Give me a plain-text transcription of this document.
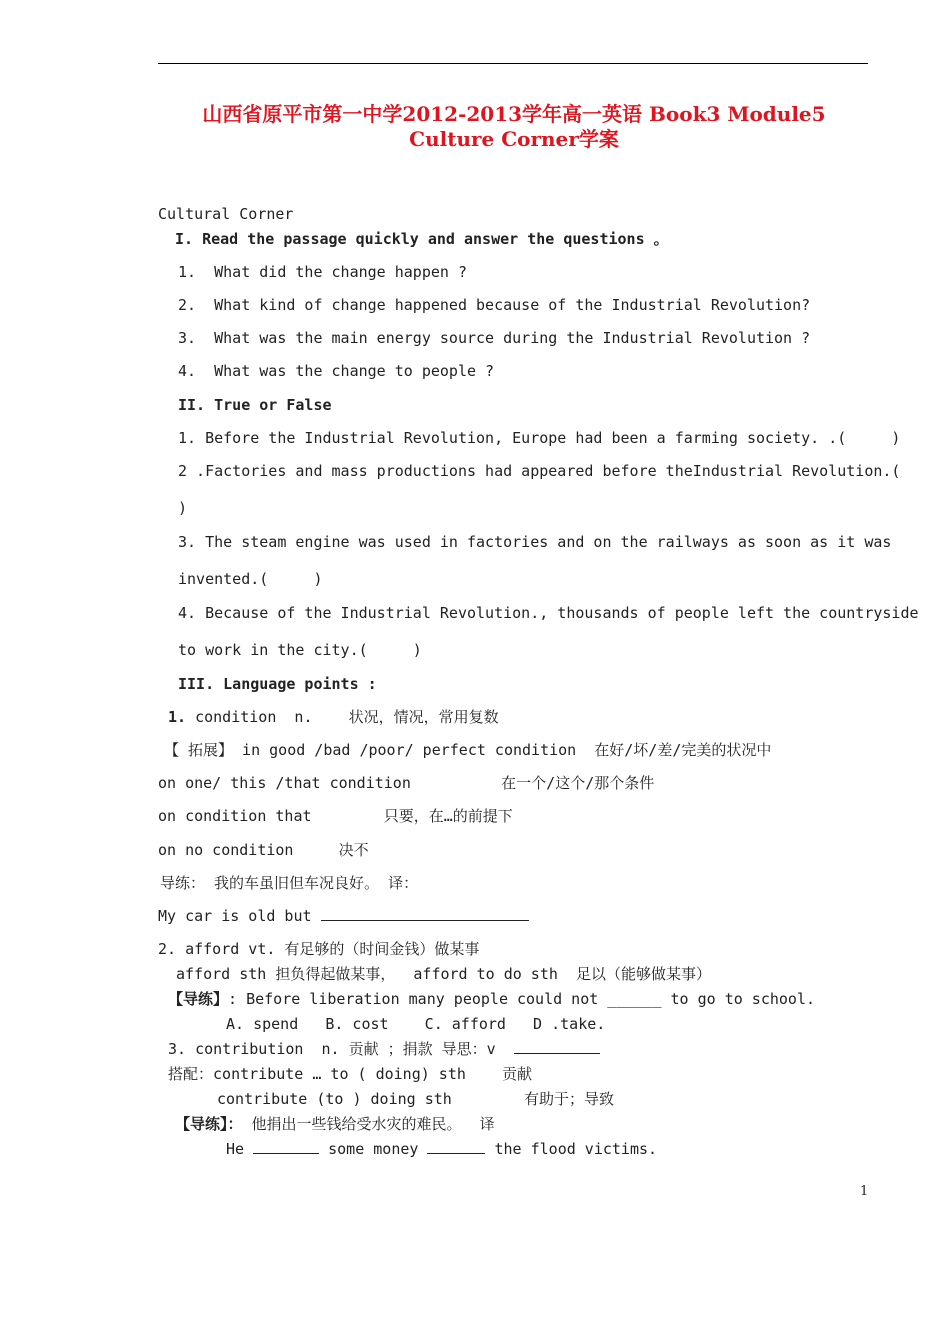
山西省原平市第一中学2012-2013学年高一英语 Book3 Module5
Culture Corner学案
Cultural Corner
I. Read the passage quickly and answer the questions 。
1.  What did the change happen ?
2.  What kind of change happened because of the Industrial Revolution?
3.  What was the main energy source during the Industrial Revolution ?
4.  What was the change to people ?
II. True or False
1. Before the Industrial Revolution, Europe had been a farming society. .(     )
2 .Factories and mass productions had appeared before theIndustrial Revolution.(
)
3. The steam engine was used in factories and on the railways as soon as it was
invented.(     )
4. Because of the Industrial Revolution., thousands of people left the countryside
to work in the city.(     )
III. Language points :
1. condition  n.    状况，情况，常用复数
【 拓展】 in good /bad /poor/ perfect condition  在好/坏/差/完美的状况中
on one/ this /that condition          在一个/这个/那个条件
on condition that        只要，在…的前提下
on no condition     决不
导练： 我的车虽旧但车况良好。 译：
My car is old but
2. afford vt. 有足够的（时间金钱）做某事
afford sth 担负得起做某事，  afford to do sth  足以（能够做某事）
【导练】: Before liberation many people could not ______ to go to school.
A. spend   B. cost    C. afford   D .take.
3. contribution  n. 贡献 ；捐款 导思：v
搭配：contribute … to ( doing) sth    贡献
contribute (to ) doing sth        有助于；导致
【导练】： 他捐出一些钱给受水灾的难民。  译
He	some money	the flood victims.
1
